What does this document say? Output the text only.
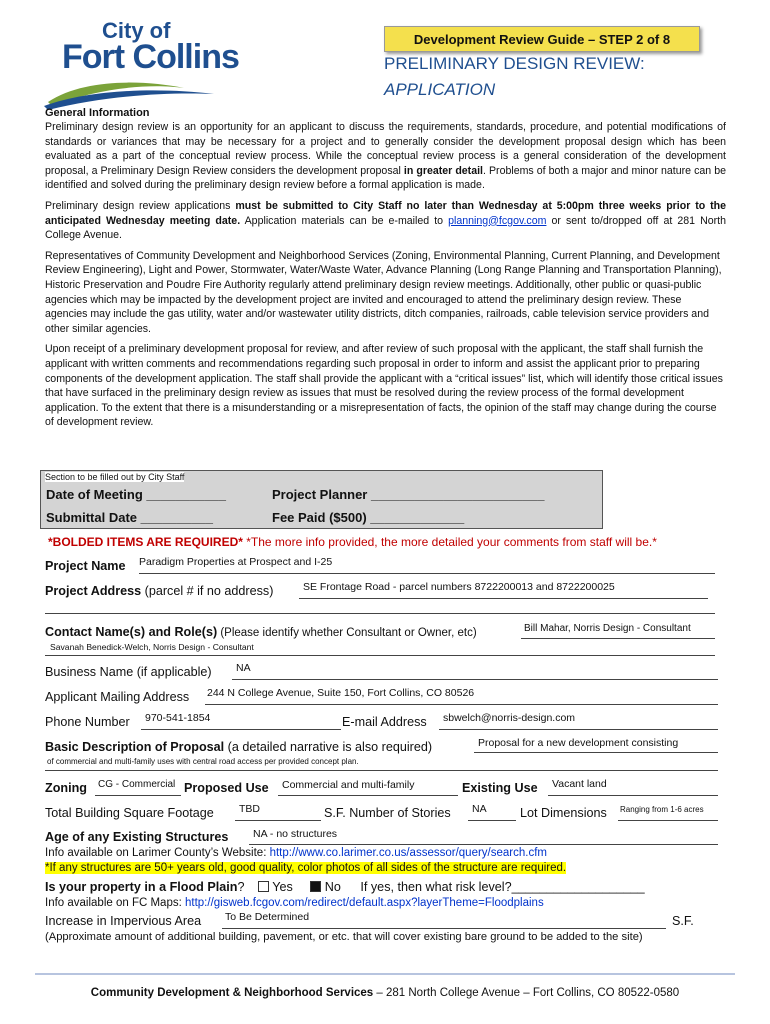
City of
Fort Collins	Development Review Guide – STEP 2 of 8
PRELIMINARY DESIGN REVIEW:
APPLICATION
General Information

Preliminary design review is an opportunity for an applicant to discuss the requirements, standards, procedure, and potential modifications of standards or variances that may be necessary for a project and to generally consider the development proposal design which has been evaluated as a part of the conceptual review process. While the conceptual review process is a general consideration of the development proposal, a Preliminary Design Review considers the development proposal in greater detail. Problems of both a major and minor nature can be identified and solved during the preliminary design review before a formal application is made.

Preliminary design review applications must be submitted to City Staff no later than Wednesday at 5:00pm three weeks prior to the anticipated Wednesday meeting date. Application materials can be e-mailed to planning@fcgov.com or sent to/dropped off at 281 North College Avenue.

Representatives of Community Development and Neighborhood Services (Zoning, Environmental Planning, Current Planning, and Development Review Engineering), Light and Power, Stormwater, Water/Waste Water, Advance Planning (Long Range Planning and Transportation Planning), Historic Preservation and Poudre Fire Authority regularly attend preliminary design review meetings. Additionally, other public or quasi-public agencies which may be impacted by the development project are invited and encouraged to attend the preliminary design review. These agencies may include the gas utility, water and/or wastewater utility districts, ditch companies, railroads, cable television service providers and other similar agencies.

Upon receipt of a preliminary development proposal for review, and after review of such proposal with the applicant, the staff shall furnish the applicant with written comments and recommendations regarding such proposal in order to inform and assist the applicant prior to preparing components of the development application. The staff shall provide the applicant with a “critical issues” list, which will identify those critical issues that have surfaced in the preliminary design review as issues that must be resolved during the review process of the formal development application. To the extent that there is a misunderstanding or a misrepresentation of facts, the opinion of the staff may change during the course of development review.

Section to be filled out by City Staff
Date of Meeting ___________	Project Planner ________________________
Submittal Date __________	Fee Paid ($500) _____________
*BOLDED ITEMS ARE REQUIRED* *The more info provided, the more detailed your comments from staff will be.*
Project Name Paradigm Properties at Prospect and I-25
Project Address (parcel # if no address)	SE Frontage Road - parcel numbers 8722200013 and 8722200025
Contact Name(s) and Role(s) (Please identify whether Consultant or Owner, etc)	Bill Mahar, Norris Design - Consultant
Savanah Benedick-Welch, Norris Design - Consultant
Business Name (if applicable) NA
Applicant Mailing Address 244 N College Avenue, Suite 150, Fort Collins, CO 80526
Phone Number 970-541-1854	E-mail Address sbwelch@norris-design.com
Basic Description of Proposal (a detailed narrative is also required)	Proposal for a new development consisting
of commercial and multi-family uses with central road access per provided concept plan.
Zoning CG - Commercial Proposed Use Commercial and multi-family	Existing Use Vacant land
Total Building Square Footage TBD	S.F. Number of Stories NA	Lot Dimensions Ranging from 1-6 acres
Age of any Existing Structures NA - no structures
Info available on Larimer County’s Website: http://www.co.larimer.co.us/assessor/query/search.cfm
*If any structures are 50+ years old, good quality, color photos of all sides of the structure are required.
Is your property in a Flood Plain? Yes	No If yes, then what risk level?___________________
Info available on FC Maps: http://gisweb.fcgov.com/redirect/default.aspx?layerTheme=Floodplains
Increase in Impervious Area To Be Determined	S.F.
(Approximate amount of additional building, pavement, or etc. that will cover existing bare ground to be added to the site)
Community Development & Neighborhood Services – 281 North College Avenue – Fort Collins, CO 80522-0580
